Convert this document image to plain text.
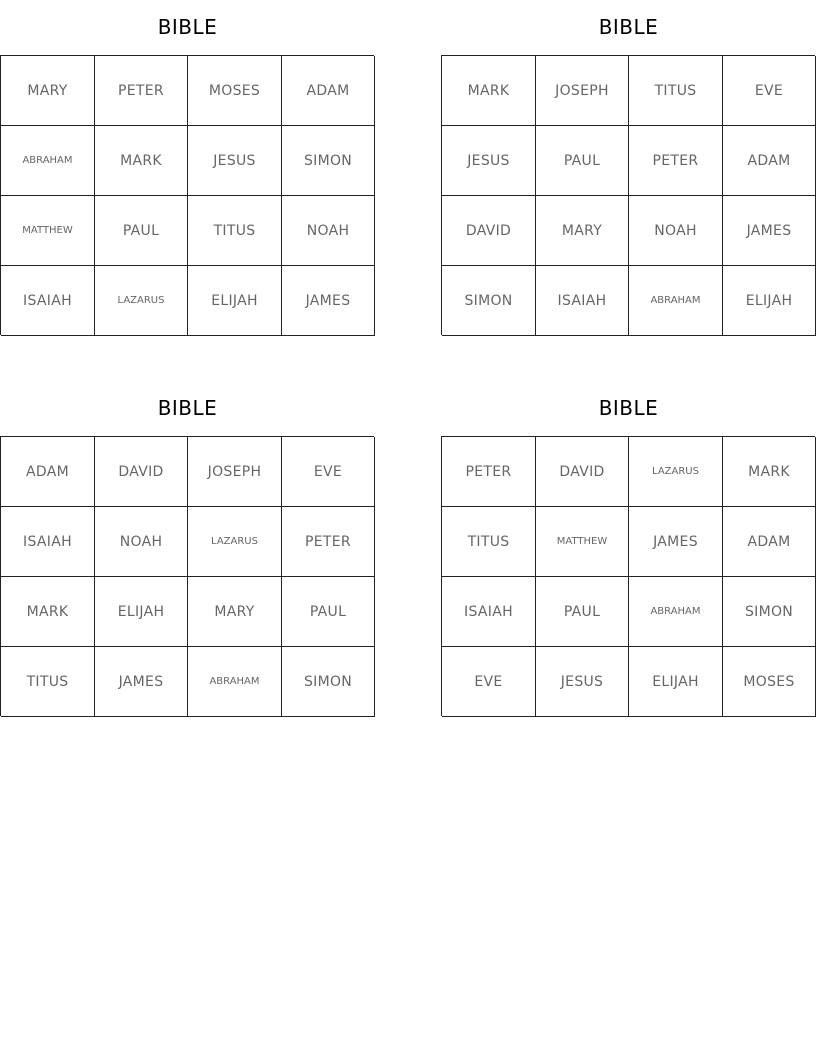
BIBLE
MARY	PETER	MOSES	ADAM
ABRAHAM	MARK	JESUS	SIMON
MATTHEW	PAUL	TITUS	NOAH
ISAIAH	LAZARUS	ELIJAH	JAMES
BIBLE
MARK	JOSEPH	TITUS	EVE
JESUS	PAUL	PETER	ADAM
DAVID	MARY	NOAH	JAMES
SIMON	ISAIAH	ABRAHAM	ELIJAH
BIBLE
ADAM	DAVID	JOSEPH	EVE
ISAIAH	NOAH	LAZARUS	PETER
MARK	ELIJAH	MARY	PAUL
TITUS	JAMES	ABRAHAM	SIMON
BIBLE
PETER	DAVID	LAZARUS	MARK
TITUS	MATTHEW	JAMES	ADAM
ISAIAH	PAUL	ABRAHAM	SIMON
EVE	JESUS	ELIJAH	MOSES
